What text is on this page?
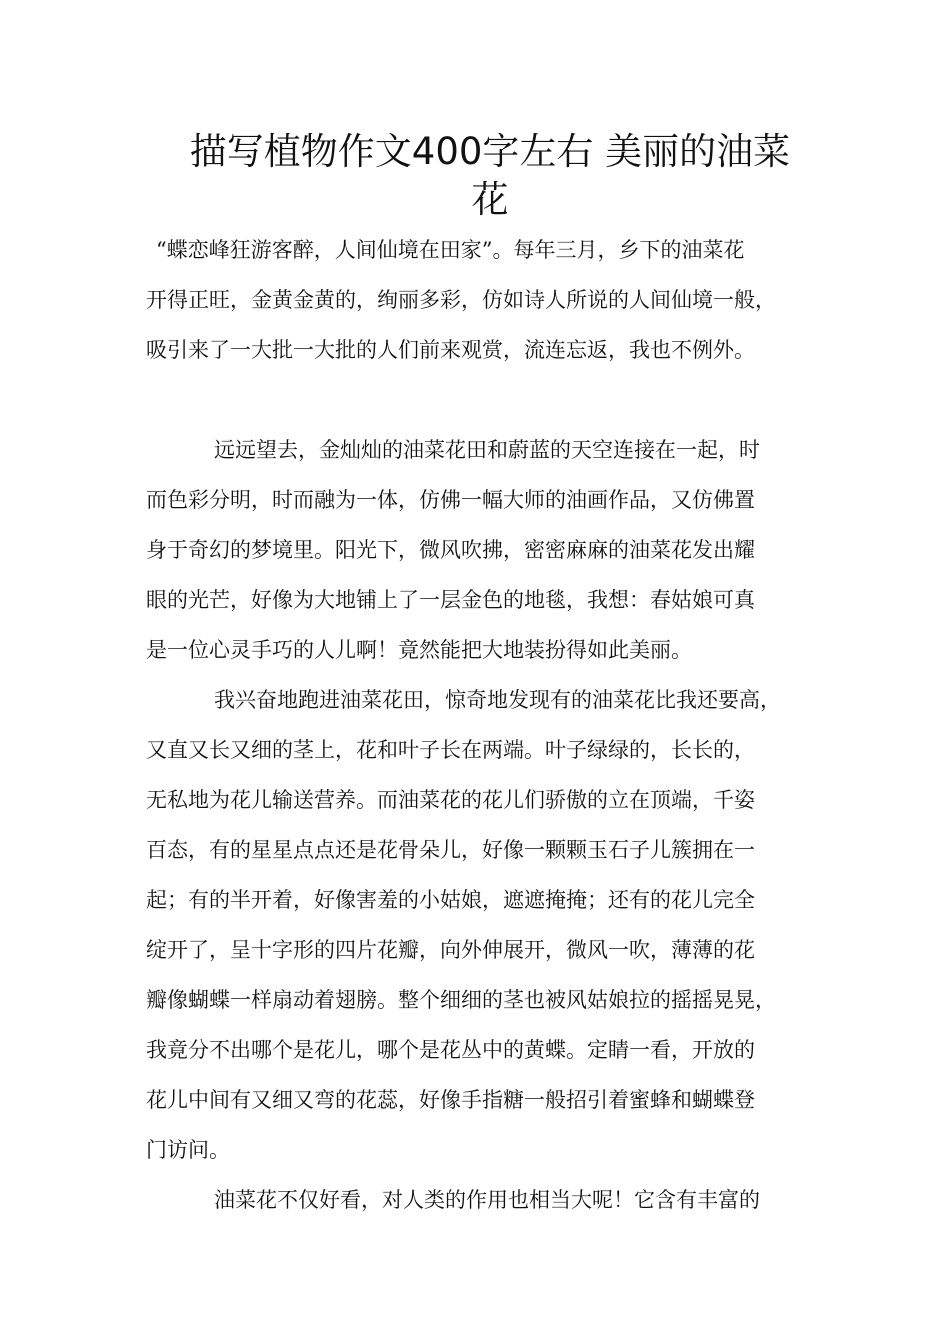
描写植物作文400字左右 美丽的油菜
花
“蝶恋峰狂游客醉，人间仙境在田家”。每年三月，乡下的油菜花
开得正旺，金黄金黄的，绚丽多彩，仿如诗人所说的人间仙境一般，
吸引来了一大批一大批的人们前来观赏，流连忘返，我也不例外。
远远望去，金灿灿的油菜花田和蔚蓝的天空连接在一起，时
而色彩分明，时而融为一体，仿佛一幅大师的油画作品，又仿佛置
身于奇幻的梦境里。阳光下，微风吹拂，密密麻麻的油菜花发出耀
眼的光芒，好像为大地铺上了一层金色的地毯，我想：春姑娘可真
是一位心灵手巧的人儿啊！竟然能把大地装扮得如此美丽。
我兴奋地跑进油菜花田，惊奇地发现有的油菜花比我还要高，
又直又长又细的茎上，花和叶子长在两端。叶子绿绿的，长长的，
无私地为花儿输送营养。而油菜花的花儿们骄傲的立在顶端，千姿
百态，有的星星点点还是花骨朵儿，好像一颗颗玉石子儿簇拥在一
起；有的半开着，好像害羞的小姑娘，遮遮掩掩；还有的花儿完全
绽开了，呈十字形的四片花瓣，向外伸展开，微风一吹，薄薄的花
瓣像蝴蝶一样扇动着翅膀。整个细细的茎也被风姑娘拉的摇摇晃晃，
我竟分不出哪个是花儿，哪个是花丛中的黄蝶。定睛一看，开放的
花儿中间有又细又弯的花蕊，好像手指糖一般招引着蜜蜂和蝴蝶登
门访问。
油菜花不仅好看，对人类的作用也相当大呢！它含有丰富的
